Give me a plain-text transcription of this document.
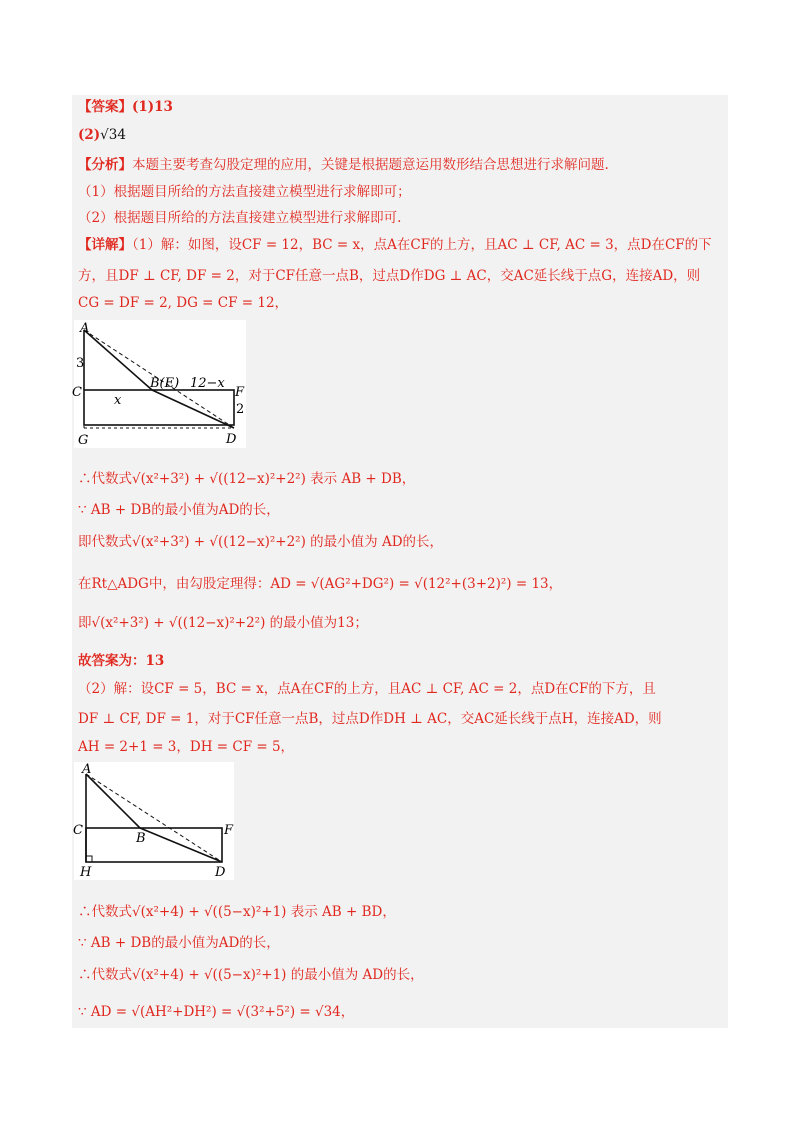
【答案】(1)13
(2)√34
【分析】本题主要考查勾股定理的应用，关键是根据题意运用数形结合思想进行求解问题.
（1）根据题目所给的方法直接建立模型进行求解即可；
（2）根据题目所给的方法直接建立模型进行求解即可.
【详解】（1）解：如图，设CF = 12，BC = x，点A在CF的上方，且AC ⊥ CF, AC = 3，点D在CF的下
方，且DF ⊥ CF, DF = 2，对于CF任意一点B，过点D作DG ⊥ AC，交AC延长线于点G，连接AD，则
CG = DF = 2, DG = CF = 12，
A
C
3
G	D
F
2
B(E) 12−x
x
∴代数式√(x²+3²) + √((12−x)²+2²) 表示 AB + DB，
∵ AB + DB的最小值为AD的长，
即代数式√(x²+3²) + √((12−x)²+2²) 的最小值为 AD的长，
在Rt△ADG中，由勾股定理得：AD = √(AG²+DG²) = √(12²+(3+2)²) = 13，
即√(x²+3²) + √((12−x)²+2²) 的最小值为13；
故答案为：13
（2）解：设CF = 5，BC = x，点A在CF的上方，且AC ⊥ CF, AC = 2，点D在CF的下方，且
DF ⊥ CF, DF = 1，对于CF任意一点B，过点D作DH ⊥ AC，交AC延长线于点H，连接AD，则
AH = 2+1 = 3，DH = CF = 5，
A
C	F
B
H	D
∴代数式√(x²+4) + √((5−x)²+1) 表示 AB + BD，
∵ AB + DB的最小值为AD的长，
∴代数式√(x²+4) + √((5−x)²+1) 的最小值为 AD的长，
∵ AD = √(AH²+DH²) = √(3²+5²) = √34，
